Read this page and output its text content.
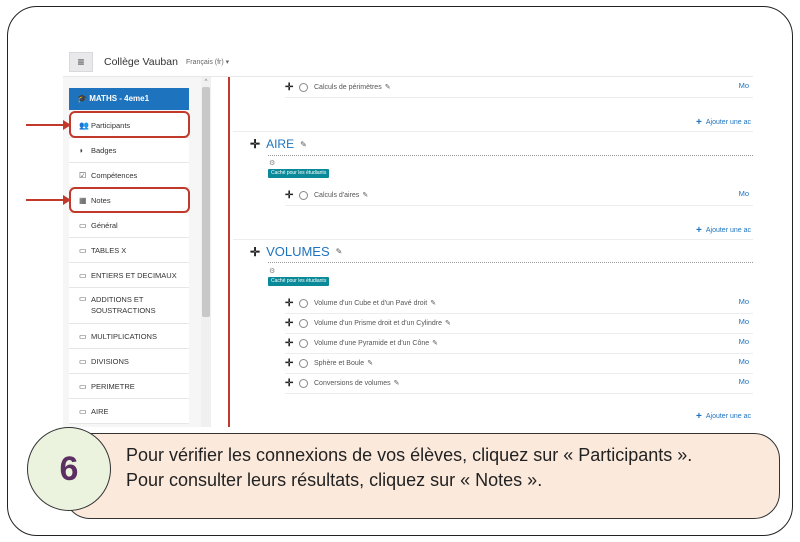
≡	Collège Vauban Français (fr) ▾
^
🎓 MATHS - 4eme1
👥 Participants
◗ Badges
☑ Compétences
▦ Notes
▭ Général
▭ TABLES X
▭ ENTIERS ET DECIMAUX
▭ ADDITIONS ET SOUSTRACTIONS
▭ MULTIPLICATIONS
▭ DIVISIONS
▭ PERIMETRE
▭ AIRE
✛	Calculs de périmètres ✎	Mo
+ Ajouter une ac
✛ AIRE ✎
⚙
Caché pour les étudiants
✛	Calculs d'aires ✎	Mo
+ Ajouter une ac
✛ VOLUMES ✎
⚙
Caché pour les étudiants
✛	Volume d'un Cube et d'un Pavé droit ✎	Mo
✛	Volume d'un Prisme droit et d'un Cylindre ✎	Mo
✛	Volume d'une Pyramide et d'un Cône ✎	Mo
✛	Sphère et Boule ✎	Mo
✛	Conversions de volumes ✎	Mo
+ Ajouter une ac
6	Pour vérifier les connexions de vos élèves, cliquez sur « Participants ».
Pour consulter leurs résultats, cliquez sur « Notes ».
